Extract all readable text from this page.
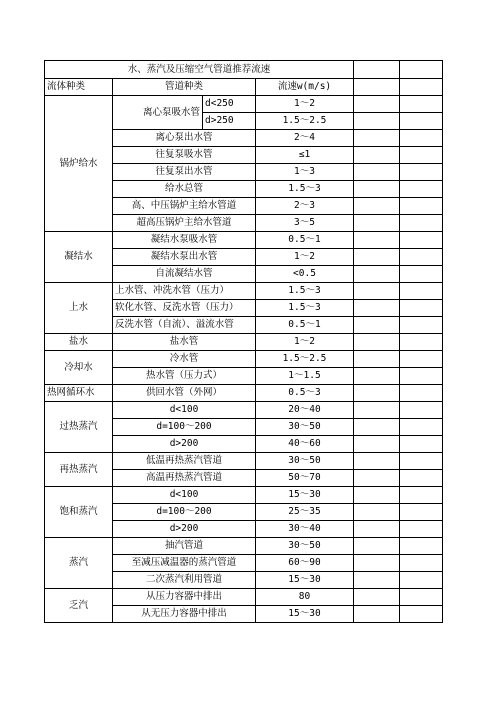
水、蒸汽及压缩空气管道推荐流速					
流体种类	管道种类		流速w(m/s)		
锅炉给水	离心泵吸水管	d<250	1～2		
		d>250	1.5～2.5		
	离心泵出水管		2～4		
	往复泵吸水管		≤1		
	往复泵出水管		1～3		
	给水总管		1.5～3		
	高、中压锅炉主给水管道		2～3		
	超高压锅炉主给水管道		3～5		
凝结水	凝结水泵吸水管		0.5～1		
	凝结水泵出水管		1～2		
	自流凝结水管		<0.5		
上水	上水管、冲洗水管（压力）		1.5～3		
	软化水管、反洗水管（压力）		1.5～3		
	反洗水管（自流）、溢流水管		0.5～1		
盐水	盐水管		1～2		
冷却水	冷水管		1.5～2.5		
	热水管（压力式）		1～1.5		
热网循环水	供回水管（外网）		0.5～3		
过热蒸汽	d<100		20～40		
	d=100～200		30～50		
	d>200		40～60		
再热蒸汽	低温再热蒸汽管道		30～50		
	高温再热蒸汽管道		50～70		
饱和蒸汽	d<100		15～30		
	d=100～200		25～35		
	d>200		30～40		
蒸汽	抽汽管道		30～50		
	至减压减温器的蒸汽管道		60～90		
	二次蒸汽利用管道		15～30		
乏汽	从压力容器中排出		80		
	从无压力容器中排出		15～30		
